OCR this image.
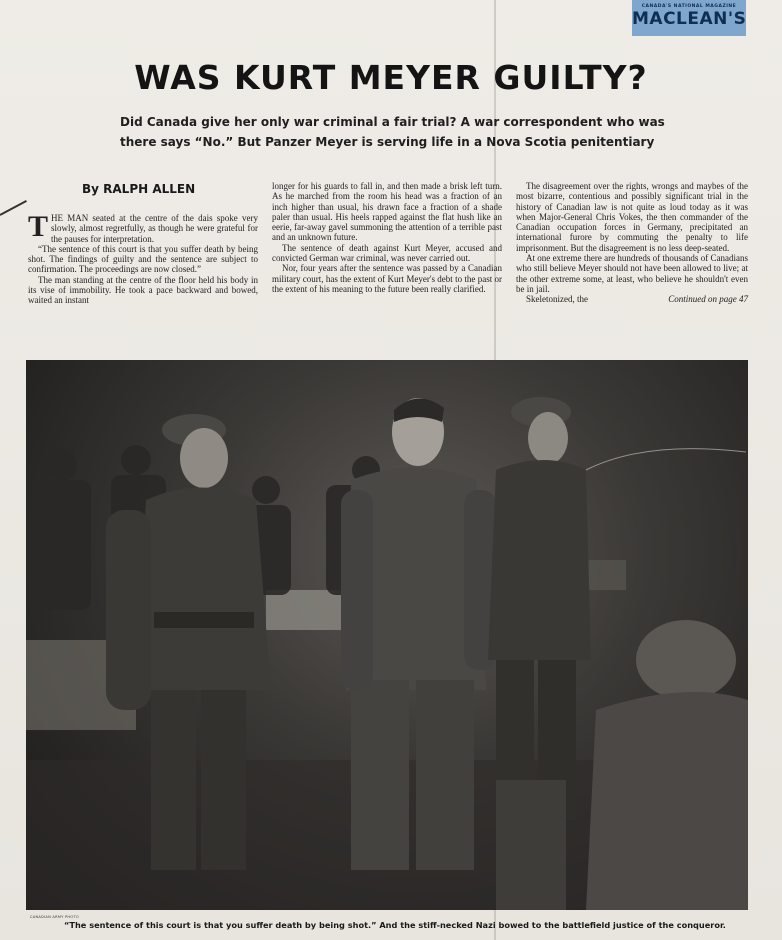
CANADA'S NATIONAL MAGAZINE
MACLEAN'S
WAS KURT MEYER GUILTY?
Did Canada give her only war criminal a fair trial? A war correspondent who was
there says “No.” But Panzer Meyer is serving life in a Nova Scotia penitentiary
By RALPH ALLEN

THE MAN seated at the centre of the dais spoke very slowly, almost regretfully, as though he were grateful for the pauses for interpretation.

“The sentence of this court is that you suffer death by being shot. The findings of guilty and the sentence are subject to confirmation. The proceedings are now closed.”

The man standing at the centre of the floor held his body in its vise of immobility. He took a pace backward and bowed, waited an instant

longer for his guards to fall in, and then made a brisk left turn. As he marched from the room his head was a fraction of an inch higher than usual, his drawn face a fraction of a shade paler than usual. His heels rapped against the flat hush like an eerie, far-away gavel summoning the attention of a terrible past and an unknown future.

The sentence of death against Kurt Meyer, accused and convicted German war criminal, was never carried out.

Nor, four years after the sentence was passed by a Canadian military court, has the extent of Kurt Meyer's debt to the past or the extent of his meaning to the future been really clarified.

The disagreement over the rights, wrongs and maybes of the most bizarre, contentious and possibly significant trial in the history of Canadian law is not quite as loud today as it was when Major-General Chris Vokes, the then commander of the Canadian occupation forces in Germany, precipitated an international furore by commuting the penalty to life imprisonment. But the disagreement is no less deep-seated.

At one extreme there are hundreds of thousands of Canadians who still believe Meyer should not have been allowed to live; at the other extreme some, at least, who believe he shouldn't even be in jail.

Skeletonized, the	Continued on page 47

CANADIAN ARMY PHOTO
“The sentence of this court is that you suffer death by being shot.” And the stiff-necked Nazi bowed to the battlefield justice of the conqueror.
